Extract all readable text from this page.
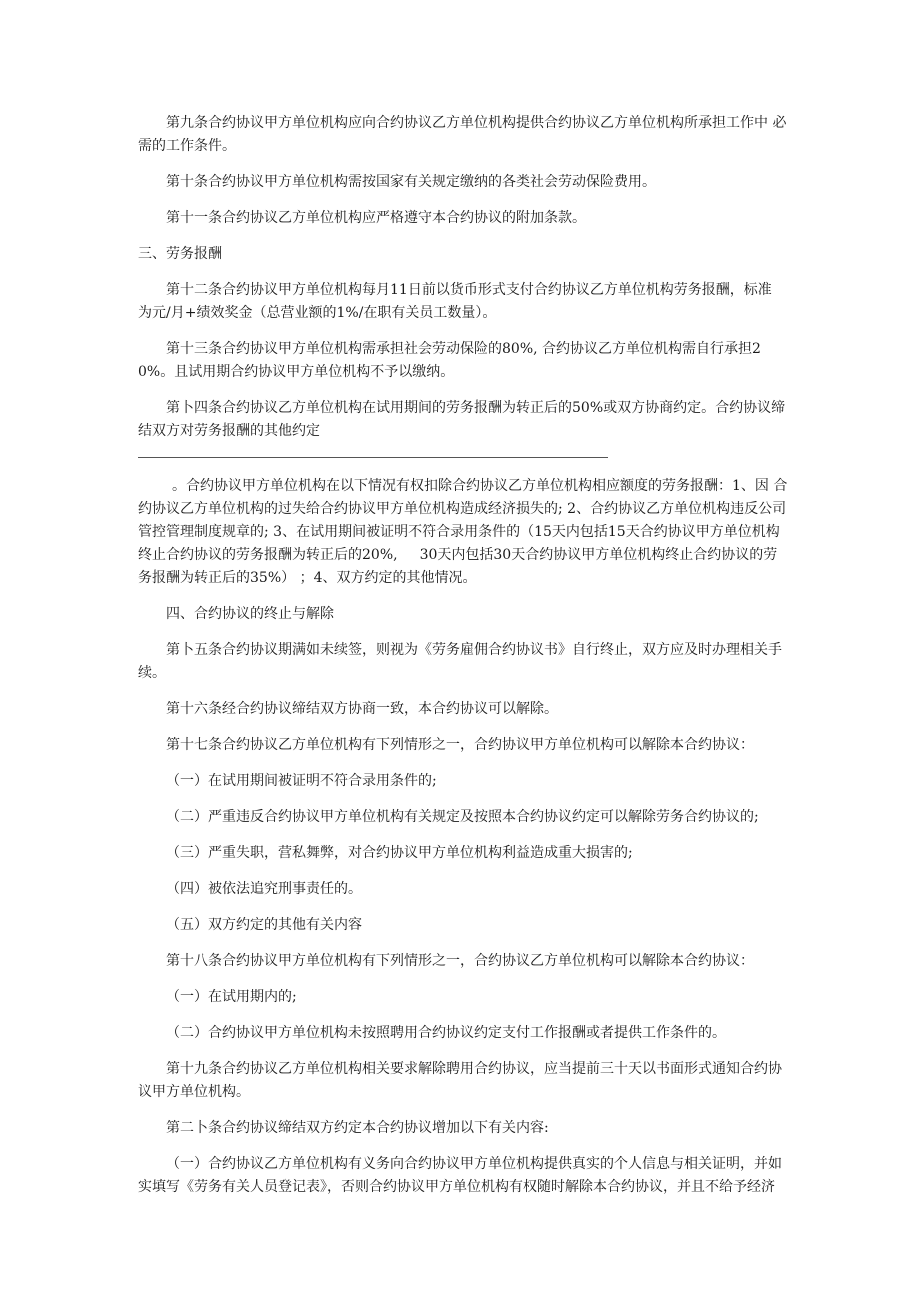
第九条合约协议甲方单位机构应向合约协议乙方单位机构提供合约协议乙方单位机构所承担工作中 必需的工作条件。

第十条合约协议甲方单位机构需按国家有关规定缴纳的各类社会劳动保险费用。

第十一条合约协议乙方单位机构应严格遵守本合约协议的附加条款。

三、劳务报酬

第十二条合约协议甲方单位机构每月11日前以货币形式支付合约协议乙方单位机构劳务报酬，标准 为元/月+绩效奖金（总营业额的1%/在职有关员工数量）。

第十三条合约协议甲方单位机构需承担社会劳动保险的80%, 合约协议乙方单位机构需自行承担20%。且试用期合约协议甲方单位机构不予以缴纳。

第卜四条合约协议乙方单位机构在试用期间的劳务报酬为转正后的50%或双方协商约定。合约协议缔 结双方对劳务报酬的其他约定

。合约协议甲方单位机构在以下情况有权扣除合约协议乙方单位机构相应额度的劳务报酬：1、因 合约协议乙方单位机构的过失给合约协议甲方单位机构造成经济损失的; 2、合约协议乙方单位机构违反公司管控管理制度规章的; 3、在试用期间被证明不符合录用条件的（15天内包括15天合约协议甲方单位机构终止合约协议的劳务报酬为转正后的20%, 30天内包括30天合约协议甲方单位机构终止合约协议的劳务报酬为转正后的35%） ；4、双方约定的其他情况。

四、合约协议的终止与解除

第卜五条合约协议期满如未续签，则视为《劳务雇佣合约协议书》自行终止，双方应及时办理相关手续。

第十六条经合约协议缔结双方协商一致，本合约协议可以解除。

第十七条合约协议乙方单位机构有下列情形之一，合约协议甲方单位机构可以解除本合约协议：

（一）在试用期间被证明不符合录用条件的;

（二）严重违反合约协议甲方单位机构有关规定及按照本合约协议约定可以解除劳务合约协议的;

（三）严重失职，营私舞弊，对合约协议甲方单位机构利益造成重大损害的;

（四）被依法追究刑事责任的。

（五）双方约定的其他有关内容

第十八条合约协议甲方单位机构有下列情形之一，合约协议乙方单位机构可以解除本合约协议：

（一）在试用期内的;

（二）合约协议甲方单位机构未按照聘用合约协议约定支付工作报酬或者提供工作条件的。

第十九条合约协议乙方单位机构相关要求解除聘用合约协议，应当提前三十天以书面形式通知合约协议甲方单位机构。

第二卜条合约协议缔结双方约定本合约协议增加以下有关内容:

（一）合约协议乙方单位机构有义务向合约协议甲方单位机构提供真实的个人信息与相关证明，并如实填写《劳务有关人员登记表》，否则合约协议甲方单位机构有权随时解除本合约协议，并且不给予经济
